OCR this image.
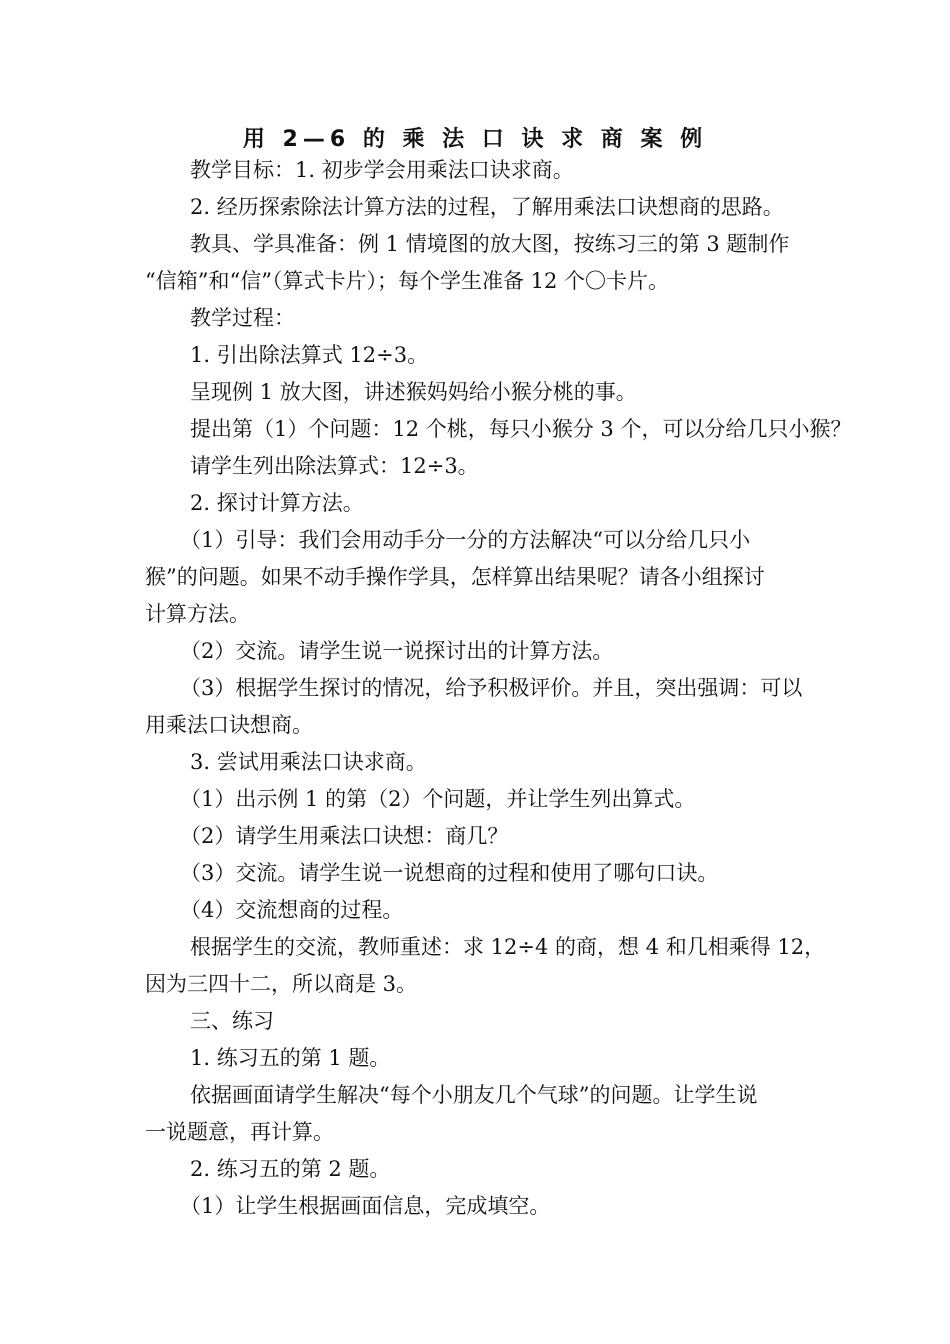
用 2—6 的 乘 法 口 诀 求 商 案 例
教学目标：1. 初步学会用乘法口诀求商。
2. 经历探索除法计算方法的过程，了解用乘法口诀想商的思路。
教具、学具准备：例 1 情境图的放大图，按练习三的第 3 题制作
“信箱”和“信”（算式卡片）；每个学生准备 12 个〇卡片。
教学过程：
1. 引出除法算式 12÷3。
呈现例 1 放大图，讲述猴妈妈给小猴分桃的事。
提出第（1）个问题：12 个桃，每只小猴分 3 个，可以分给几只小猴？
请学生列出除法算式：12÷3。
2. 探讨计算方法。
（1）引导：我们会用动手分一分的方法解决“可以分给几只小
猴”的问题。如果不动手操作学具，怎样算出结果呢？请各小组探讨
计算方法。
（2）交流。请学生说一说探讨出的计算方法。
（3）根据学生探讨的情况，给予积极评价。并且，突出强调：可以
用乘法口诀想商。
3. 尝试用乘法口诀求商。
（1）出示例 1 的第（2）个问题，并让学生列出算式。
（2）请学生用乘法口诀想：商几？
（3）交流。请学生说一说想商的过程和使用了哪句口诀。
（4）交流想商的过程。
根据学生的交流，教师重述：求 12÷4 的商，想 4 和几相乘得 12，
因为三四十二，所以商是 3。
三、练习
1. 练习五的第 1 题。
依据画面请学生解决“每个小朋友几个气球”的问题。让学生说
一说题意，再计算。
2. 练习五的第 2 题。
（1）让学生根据画面信息，完成填空。
